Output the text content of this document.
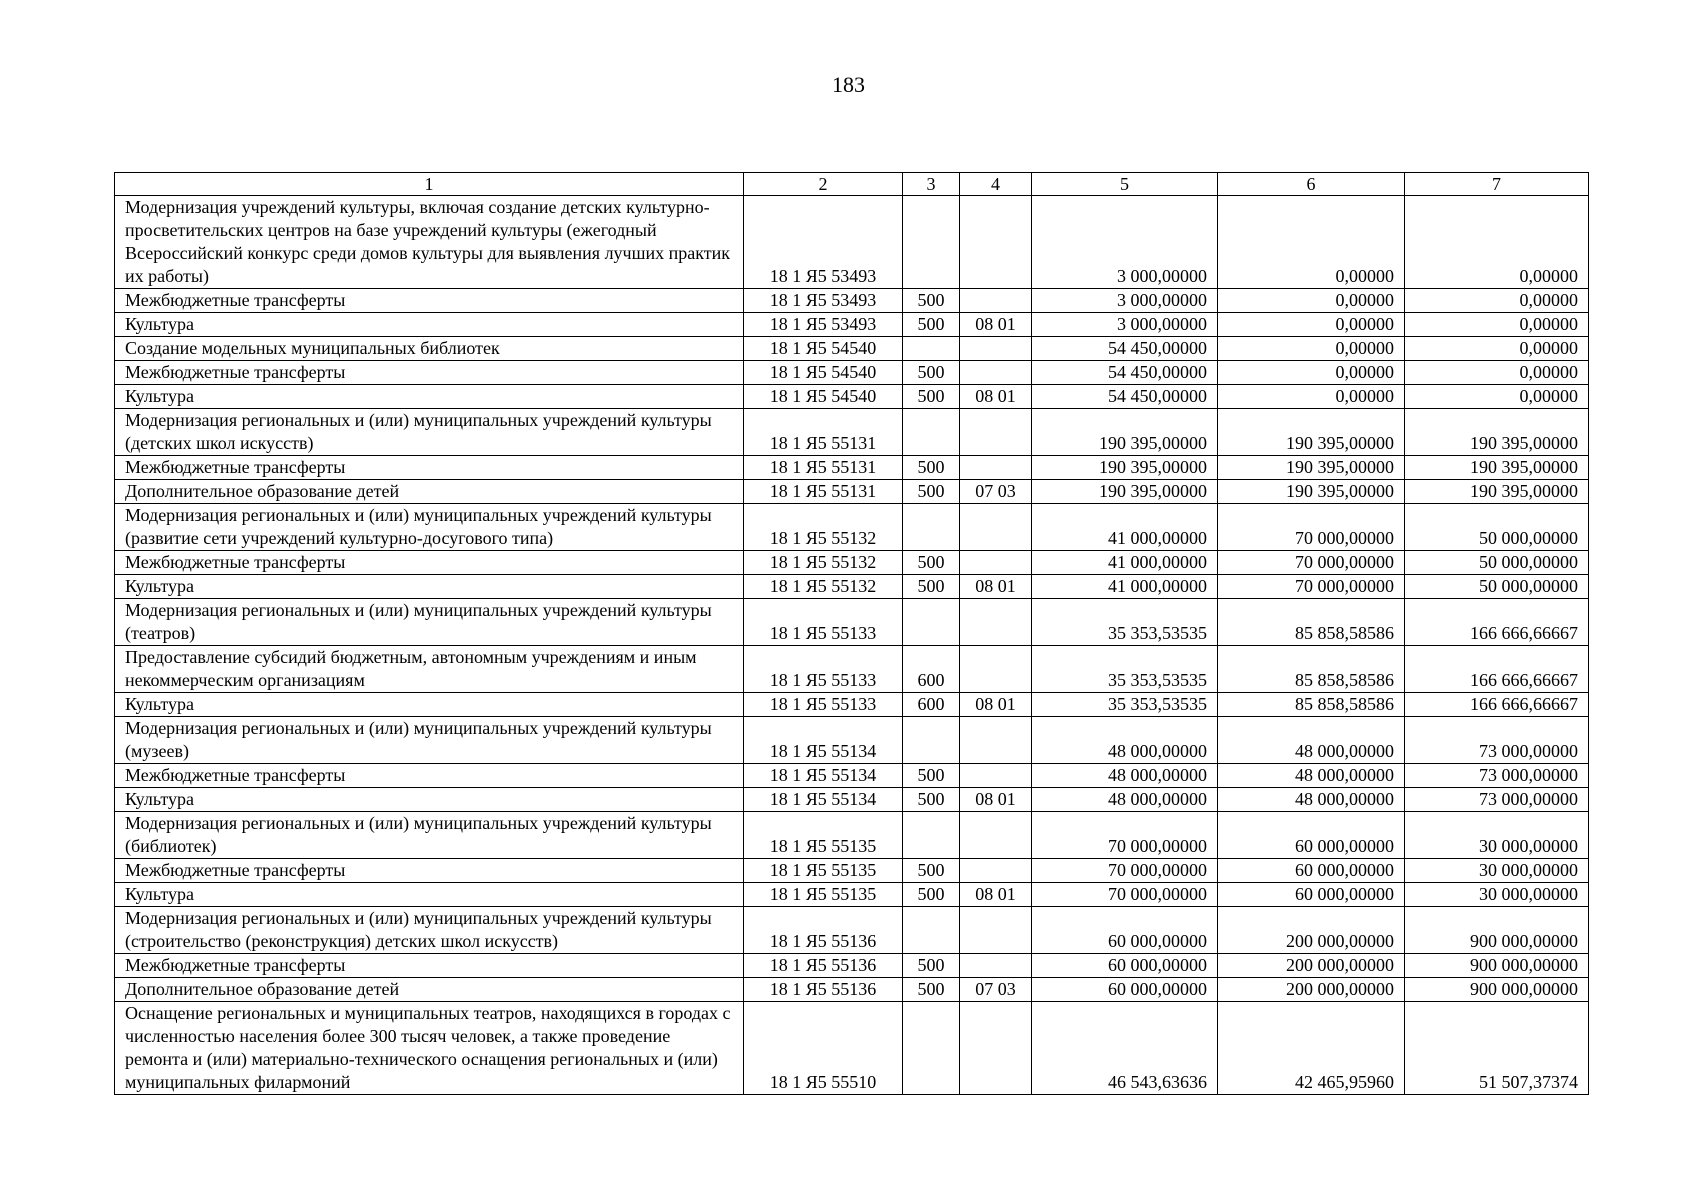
183
1	2	3	4	5	6	7
Модернизация учреждений культуры, включая создание детских культурно-просветительских центров на базе учреждений культуры (ежегодный Всероссийский конкурс среди домов культуры для выявления лучших практик их работы)	18 1 Я5 53493			3 000,00000	0,00000	0,00000
Межбюджетные трансферты	18 1 Я5 53493	500		3 000,00000	0,00000	0,00000
Культура	18 1 Я5 53493	500	08 01	3 000,00000	0,00000	0,00000
Создание модельных муниципальных библиотек	18 1 Я5 54540			54 450,00000	0,00000	0,00000
Межбюджетные трансферты	18 1 Я5 54540	500		54 450,00000	0,00000	0,00000
Культура	18 1 Я5 54540	500	08 01	54 450,00000	0,00000	0,00000
Модернизация региональных и (или) муниципальных учреждений культуры (детских школ искусств)	18 1 Я5 55131			190 395,00000	190 395,00000	190 395,00000
Межбюджетные трансферты	18 1 Я5 55131	500		190 395,00000	190 395,00000	190 395,00000
Дополнительное образование детей	18 1 Я5 55131	500	07 03	190 395,00000	190 395,00000	190 395,00000
Модернизация региональных и (или) муниципальных учреждений культуры (развитие сети учреждений культурно-досугового типа)	18 1 Я5 55132			41 000,00000	70 000,00000	50 000,00000
Межбюджетные трансферты	18 1 Я5 55132	500		41 000,00000	70 000,00000	50 000,00000
Культура	18 1 Я5 55132	500	08 01	41 000,00000	70 000,00000	50 000,00000
Модернизация региональных и (или) муниципальных учреждений культуры (театров)	18 1 Я5 55133			35 353,53535	85 858,58586	166 666,66667
Предоставление субсидий бюджетным, автономным учреждениям и иным некоммерческим организациям	18 1 Я5 55133	600		35 353,53535	85 858,58586	166 666,66667
Культура	18 1 Я5 55133	600	08 01	35 353,53535	85 858,58586	166 666,66667
Модернизация региональных и (или) муниципальных учреждений культуры (музеев)	18 1 Я5 55134			48 000,00000	48 000,00000	73 000,00000
Межбюджетные трансферты	18 1 Я5 55134	500		48 000,00000	48 000,00000	73 000,00000
Культура	18 1 Я5 55134	500	08 01	48 000,00000	48 000,00000	73 000,00000
Модернизация региональных и (или) муниципальных учреждений культуры (библиотек)	18 1 Я5 55135			70 000,00000	60 000,00000	30 000,00000
Межбюджетные трансферты	18 1 Я5 55135	500		70 000,00000	60 000,00000	30 000,00000
Культура	18 1 Я5 55135	500	08 01	70 000,00000	60 000,00000	30 000,00000
Модернизация региональных и (или) муниципальных учреждений культуры (строительство (реконструкция) детских школ искусств)	18 1 Я5 55136			60 000,00000	200 000,00000	900 000,00000
Межбюджетные трансферты	18 1 Я5 55136	500		60 000,00000	200 000,00000	900 000,00000
Дополнительное образование детей	18 1 Я5 55136	500	07 03	60 000,00000	200 000,00000	900 000,00000
Оснащение региональных и муниципальных театров, находящихся в городах с численностью населения более 300 тысяч человек, а также проведение ремонта и (или) материально-технического оснащения региональных и (или) муниципальных филармоний	18 1 Я5 55510			46 543,63636	42 465,95960	51 507,37374
